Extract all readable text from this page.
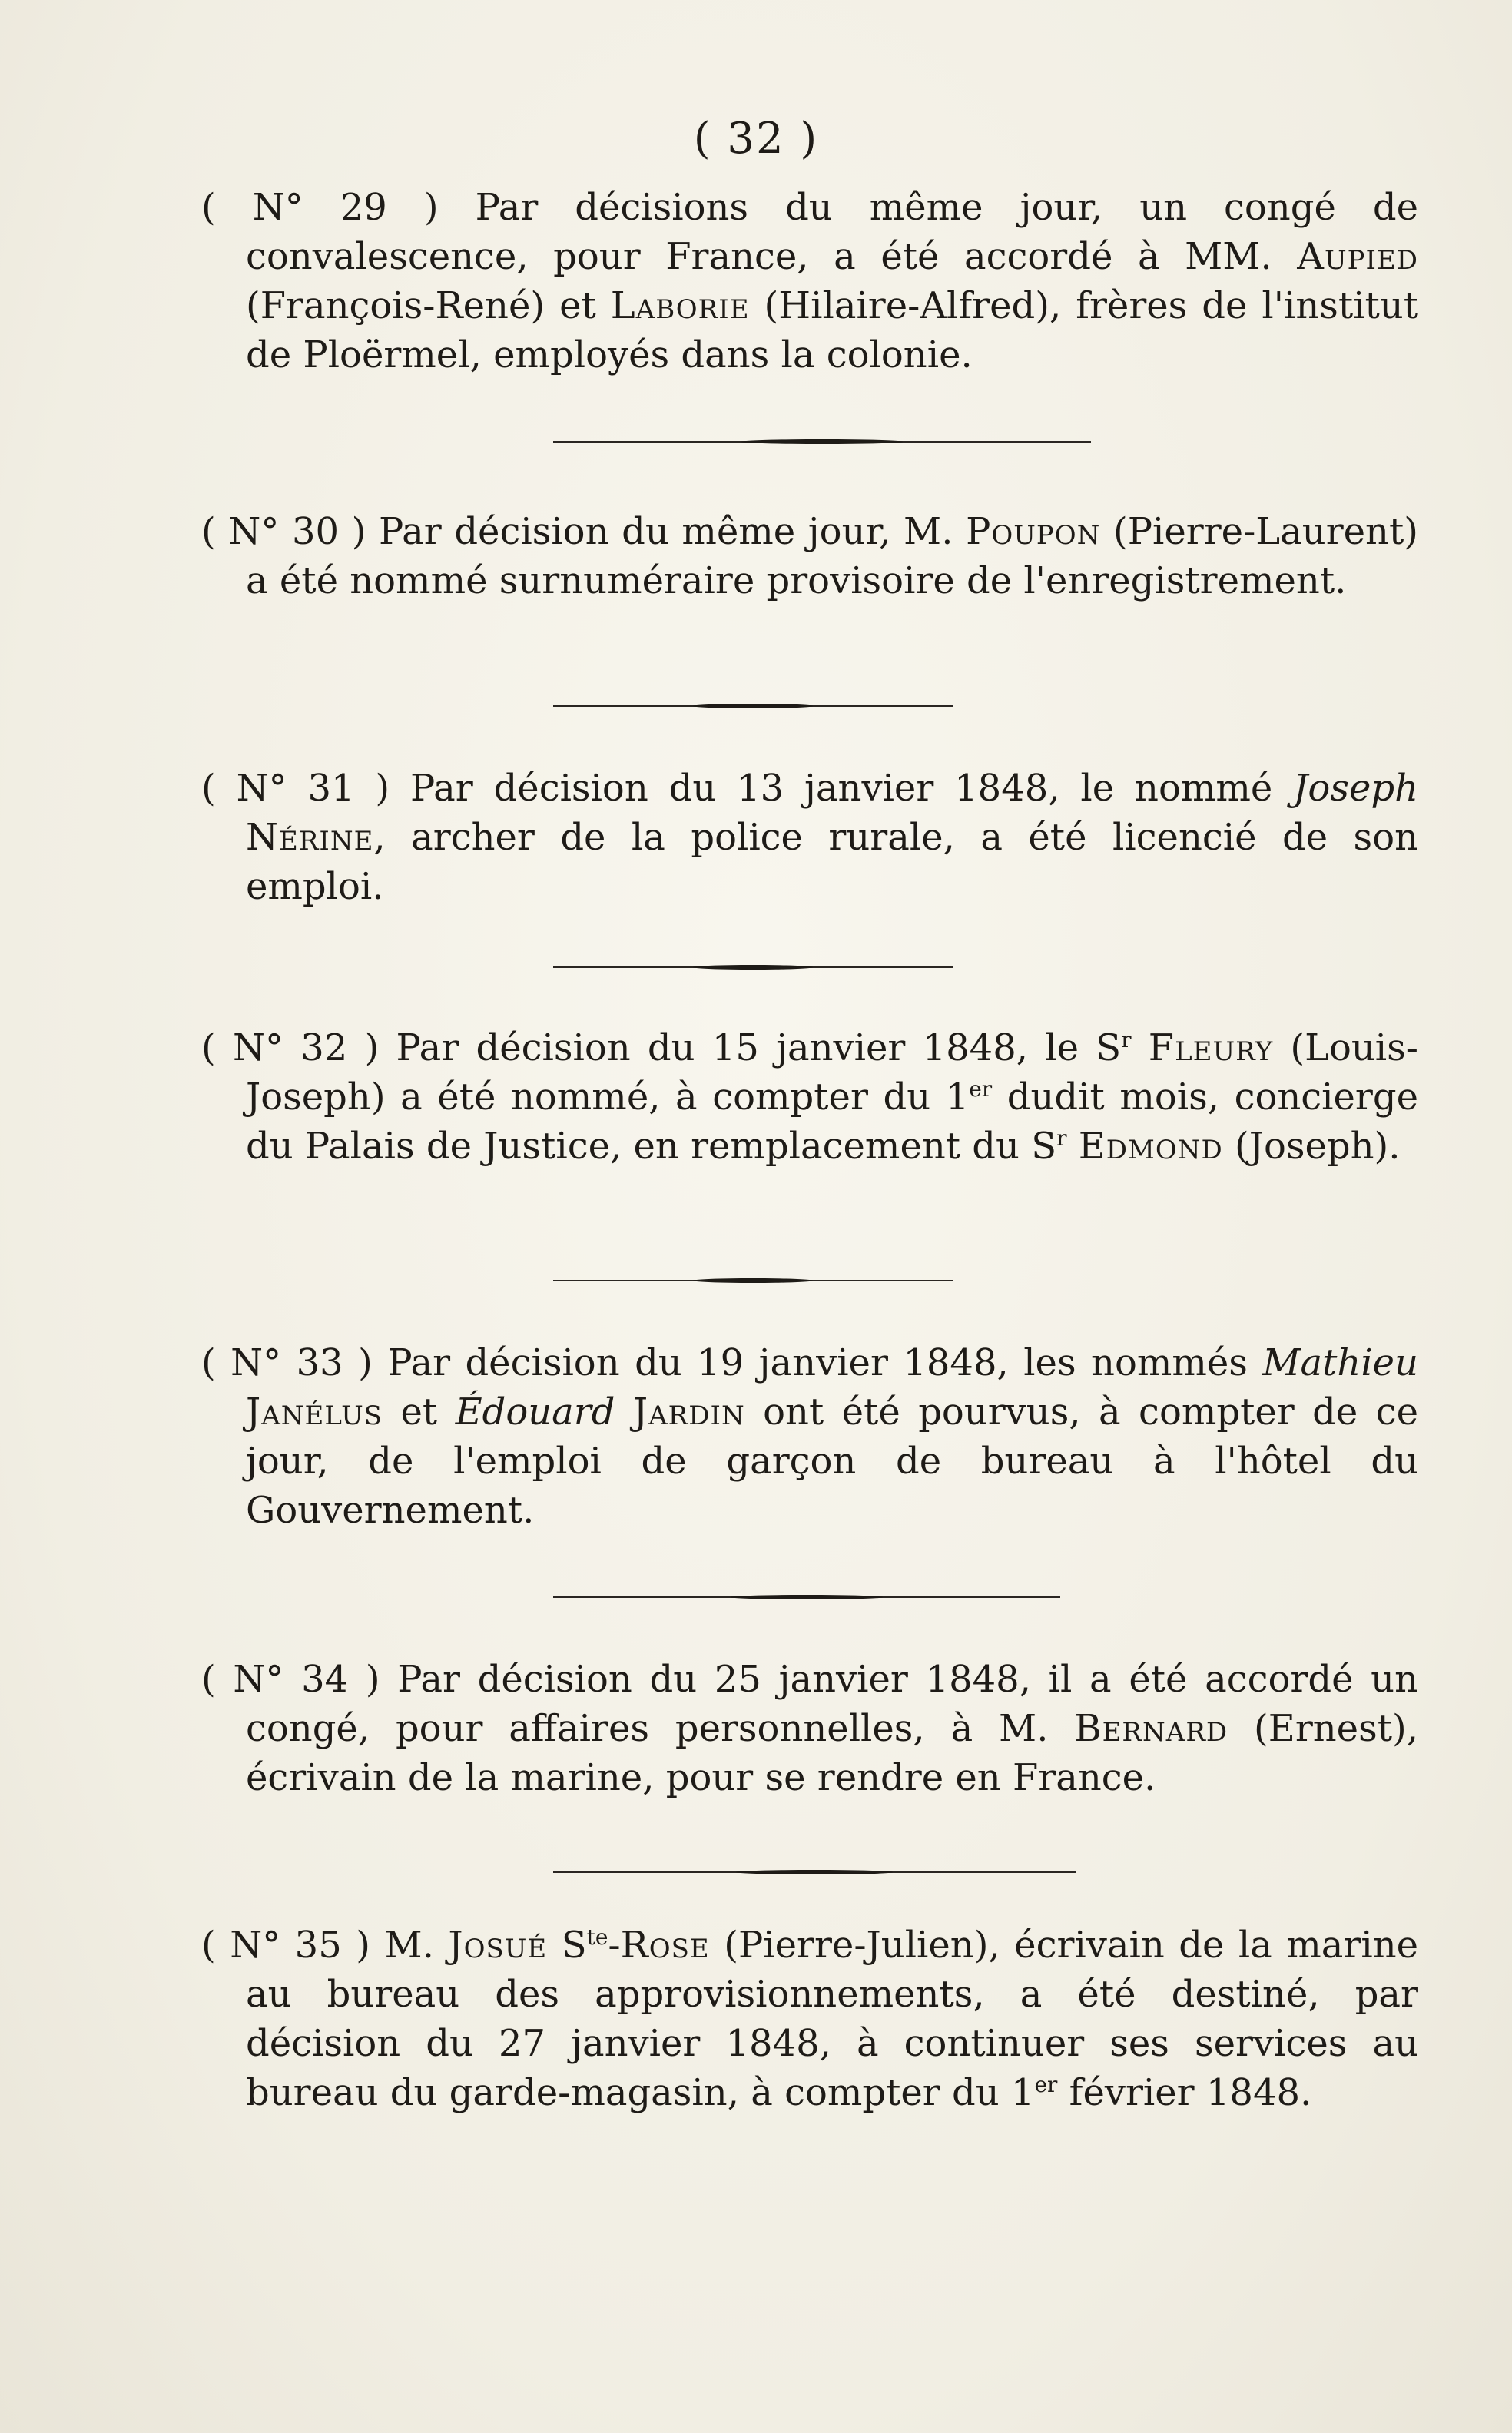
( 32 )

( N° 29 ) Par décisions du même jour, un congé de convalescence, pour France, a été accordé à MM. Aupied (François-René) et Laborie (Hilaire-Alfred), frères de l'institut de Ploërmel, employés dans la colonie.

( N° 30 ) Par décision du même jour, M. Poupon (Pierre-Laurent) a été nommé surnuméraire provisoire de l'enregistrement.

( N° 31 ) Par décision du 13 janvier 1848, le nommé Joseph Nérine, archer de la police rurale, a été licencié de son emploi.

( N° 32 ) Par décision du 15 janvier 1848, le $S^r$ Fleury (Louis-Joseph) a été nommé, à compter du 1er dudit mois, concierge du Palais de Justice, en remplacement du $S^r$ Edmond (Joseph).

( N° 33 ) Par décision du 19 janvier 1848, les nommés Mathieu Janélus et Édouard Jardin ont été pourvus, à compter de ce jour, de l'emploi de garçon de bureau à l'hôtel du Gouvernement.

( N° 34 ) Par décision du 25 janvier 1848, il a été accordé un congé, pour affaires personnelles, à M. Bernard (Ernest), écrivain de la marine, pour se rendre en France.

( N° 35 ) M. Josué $S^{te}$-Rose (Pierre-Julien), écrivain de la marine au bureau des approvisionnements, a été destiné, par décision du 27 janvier 1848, à continuer ses services au bureau du garde-magasin, à compter du 1er février 1848.
